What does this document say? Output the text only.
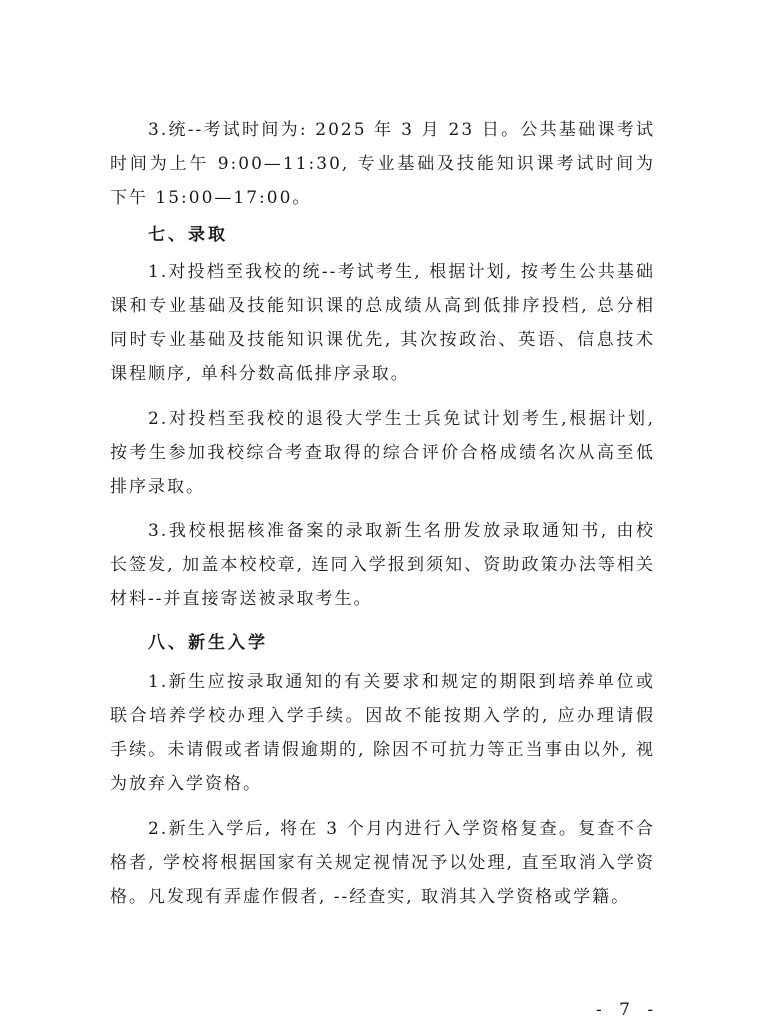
3.统--考试时间为: 2025 年 3 月 23 日。公共基础课考试时间为上午 9:00—11:30, 专业基础及技能知识课考试时间为下午 15:00—17:00。

七、录取

1.对投档至我校的统--考试考生, 根据计划, 按考生公共基础课和专业基础及技能知识课的总成绩从高到低排序投档, 总分相同时专业基础及技能知识课优先, 其次按政治、英语、信息技术课程顺序, 单科分数高低排序录取。

2.对投档至我校的退役大学生士兵免试计划考生,根据计划,按考生参加我校综合考查取得的综合评价合格成绩名次从高至低排序录取。

3.我校根据核准备案的录取新生名册发放录取通知书, 由校长签发, 加盖本校校章, 连同入学报到须知、资助政策办法等相关材料--并直接寄送被录取考生。

八、新生入学

1.新生应按录取通知的有关要求和规定的期限到培养单位或联合培养学校办理入学手续。因故不能按期入学的, 应办理请假手续。未请假或者请假逾期的, 除因不可抗力等正当事由以外, 视为放弃入学资格。

2.新生入学后, 将在 3 个月内进行入学资格复查。复查不合格者, 学校将根据国家有关规定视情况予以处理, 直至取消入学资格。凡发现有弄虚作假者, --经查实, 取消其入学资格或学籍。

- 7 -
